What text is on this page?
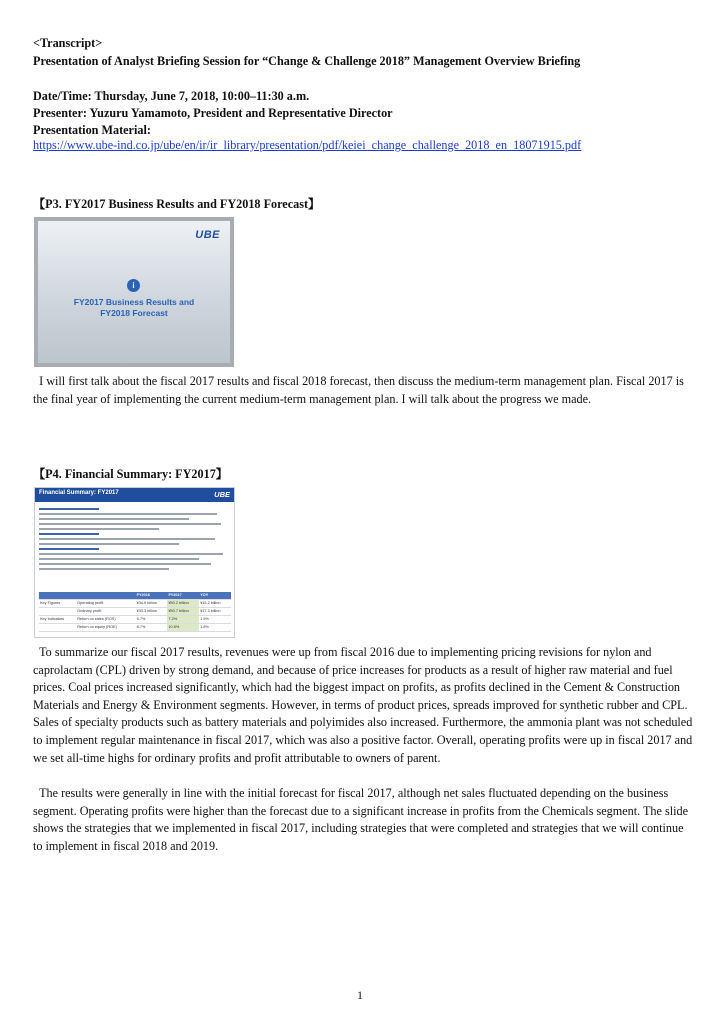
<Transcript>
Presentation of Analyst Briefing Session for “Change & Challenge 2018” Management Overview Briefing
Date/Time: Thursday, June 7, 2018, 10:00–11:30 a.m.
Presenter: Yuzuru Yamamoto, President and Representative Director
Presentation Material:
https://www.ube-ind.co.jp/ube/en/ir/ir_library/presentation/pdf/keiei_change_challenge_2018_en_18071915.pdf
【P3. FY2017 Business Results and FY2018 Forecast】
UBE
i
FY2017 Business Results and
FY2018 Forecast
I will first talk about the fiscal 2017 results and fiscal 2018 forecast, then discuss the medium-term management plan. Fiscal 2017 is the final year of implementing the current medium-term management plan. I will talk about the progress we made.
【P4. Financial Summary: FY2017】
Financial Summary: FY2017	UBE
		FY2016	FY2017	YOY
Key Figures	Operating profit	¥34.9 billion	¥50.2 billion	¥15.2 billion
	Ordinary profit	¥33.3 billion	¥50.7 billion	¥17.3 billion
Key Indicators	Return on sales (ROS)	5.7%	7.2%	1.5%
	Return on equity (ROE)	8.7%	10.5%	1.8%
To summarize our fiscal 2017 results, revenues were up from fiscal 2016 due to implementing pricing revisions for nylon and caprolactam (CPL) driven by strong demand, and because of price increases for products as a result of higher raw material and fuel prices. Coal prices increased significantly, which had the biggest impact on profits, as profits declined in the Cement & Construction Materials and Energy & Environment segments. However, in terms of product prices, spreads improved for synthetic rubber and CPL. Sales of specialty products such as battery materials and polyimides also increased. Furthermore, the ammonia plant was not scheduled to implement regular maintenance in fiscal 2017, which was also a positive factor. Overall, operating profits were up in fiscal 2017 and we set all-time highs for ordinary profits and profit attributable to owners of parent.
The results were generally in line with the initial forecast for fiscal 2017, although net sales fluctuated depending on the business segment. Operating profits were higher than the forecast due to a significant increase in profits from the Chemicals segment. The slide shows the strategies that we implemented in fiscal 2017, including strategies that were completed and strategies that we will continue to implement in fiscal 2018 and 2019.
1
